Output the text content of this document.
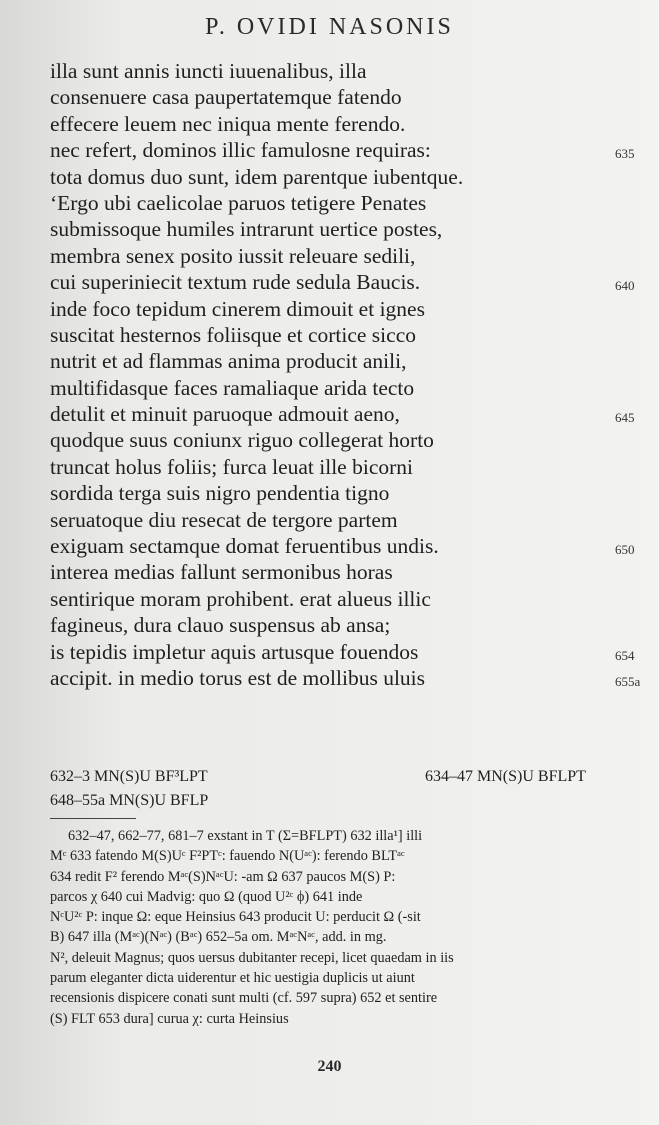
P. OVIDI NASONIS
illa sunt annis iuncti iuuenalibus, illa
consenuere casa paupertatemque fatendo
effecere leuem nec iniqua mente ferendo.
nec refert, dominos illic famulosne requiras:	635
tota domus duo sunt, idem parentque iubentque.
‘Ergo ubi caelicolae paruos tetigere Penates
submissoque humiles intrarunt uertice postes,
membra senex posito iussit releuare sedili,
cui superiniecit textum rude sedula Baucis.	640
inde foco tepidum cinerem dimouit et ignes
suscitat hesternos foliisque et cortice sicco
nutrit et ad flammas anima producit anili,
multifidasque faces ramaliaque arida tecto
detulit et minuit paruoque admouit aeno,	645
quodque suus coniunx riguo collegerat horto
truncat holus foliis; furca leuat ille bicorni
sordida terga suis nigro pendentia tigno
seruatoque diu resecat de tergore partem
exiguam sectamque domat feruentibus undis.	650
interea medias fallunt sermonibus horas
sentirique moram prohibent. erat alueus illic
fagineus, dura clauo suspensus ab ansa;
is tepidis impletur aquis artusque fouendos	654
accipit. in medio torus est de mollibus uluis	655a
632–3 MN(S)U BF³LPT	634–47 MN(S)U BFLPT
648–55a MN(S)U BFLP
632–47, 662–77, 681–7 exstant in T (Σ=BFLPT) 632 illa¹] illi
Mᶜ 633 fatendo M(S)Uᶜ F²PTᶜ: fauendo N(Uᵃᶜ): ferendo BLTᵃᶜ
634 redit F² ferendo Mᵃᶜ(S)NᵃᶜU: -am Ω 637 paucos M(S) P:
parcos χ 640 cui Madvig: quo Ω (quod U²ᶜ ϕ) 641 inde
NᶜU²ᶜ P: inque Ω: eque Heinsius 643 producit U: perducit Ω (-sit
B) 647 illa (Mᵃᶜ)(Nᵃᶜ) (Bᵃᶜ) 652–5a om. MᵃᶜNᵃᶜ, add. in mg.
N², deleuit Magnus; quos uersus dubitanter recepi, licet quaedam in iis
parum eleganter dicta uiderentur et hic uestigia duplicis ut aiunt
recensionis dispicere conati sunt multi (cf. 597 supra) 652 et sentire
(S) FLT 653 dura] curua χ: curta Heinsius
240
